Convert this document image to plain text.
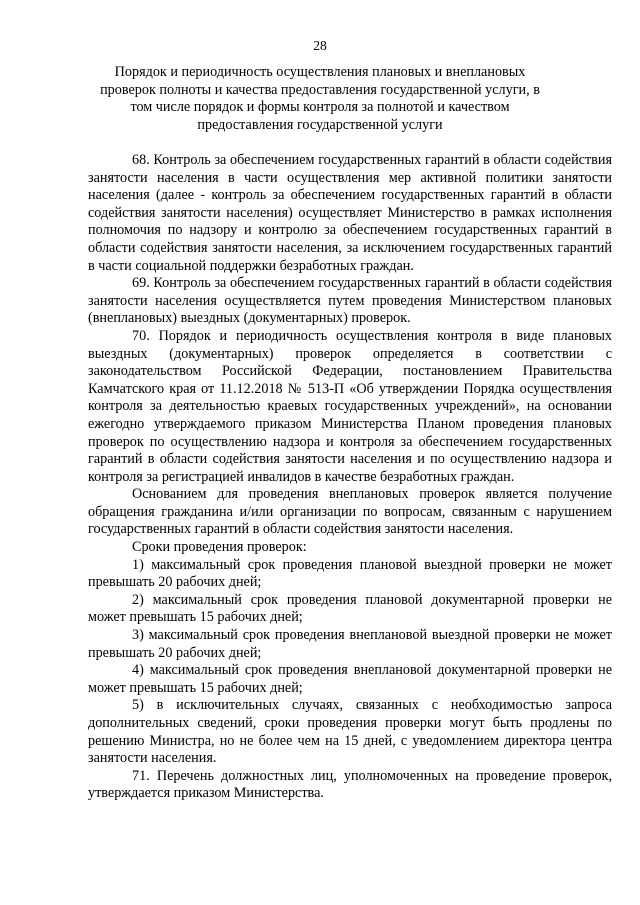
28
Порядок и периодичность осуществления плановых и внеплановых проверок полноты и качества предоставления государственной услуги, в том числе порядок и формы контроля за полнотой и качеством предоставления государственной услуги

68. Контроль за обеспечением государственных гарантий в области содействия занятости населения в части осуществления мер активной политики занятости населения (далее - контроль за обеспечением государственных гарантий в области содействия занятости населения) осуществляет Министерство в рамках исполнения полномочия по надзору и контролю за обеспечением государственных гарантий в области содействия занятости населения, за исключением государственных гарантий в части социальной поддержки безработных граждан.

69. Контроль за обеспечением государственных гарантий в области содействия занятости населения осуществляется путем проведения Министерством плановых (внеплановых) выездных (документарных) проверок.

70. Порядок и периодичность осуществления контроля в виде плановых выездных (документарных) проверок определяется в соответствии с законодательством Российской Федерации, постановлением Правительства Камчатского края от 11.12.2018 № 513-П «Об утверждении Порядка осуществления контроля за деятельностью краевых государственных учреждений», на основании ежегодно утверждаемого приказом Министерства Планом проведения плановых проверок по осуществлению надзора и контроля за обеспечением государственных гарантий в области содействия занятости населения и по осуществлению надзора и контроля за регистрацией инвалидов в качестве безработных граждан.

Основанием для проведения внеплановых проверок является получение обращения гражданина и/или организации по вопросам, связанным с нарушением государственных гарантий в области содействия занятости населения.

Сроки проведения проверок:

1) максимальный срок проведения плановой выездной проверки не может превышать 20 рабочих дней;

2) максимальный срок проведения плановой документарной проверки не может превышать 15 рабочих дней;

3) максимальный срок проведения внеплановой выездной проверки не может превышать 20 рабочих дней;

4) максимальный срок проведения внеплановой документарной проверки не может превышать 15 рабочих дней;

5) в исключительных случаях, связанных с необходимостью запроса дополнительных сведений, сроки проведения проверки могут быть продлены по решению Министра, но не более чем на 15 дней, с уведомлением директора центра занятости населения.

71. Перечень должностных лиц, уполномоченных на проведение проверок, утверждается приказом Министерства.
